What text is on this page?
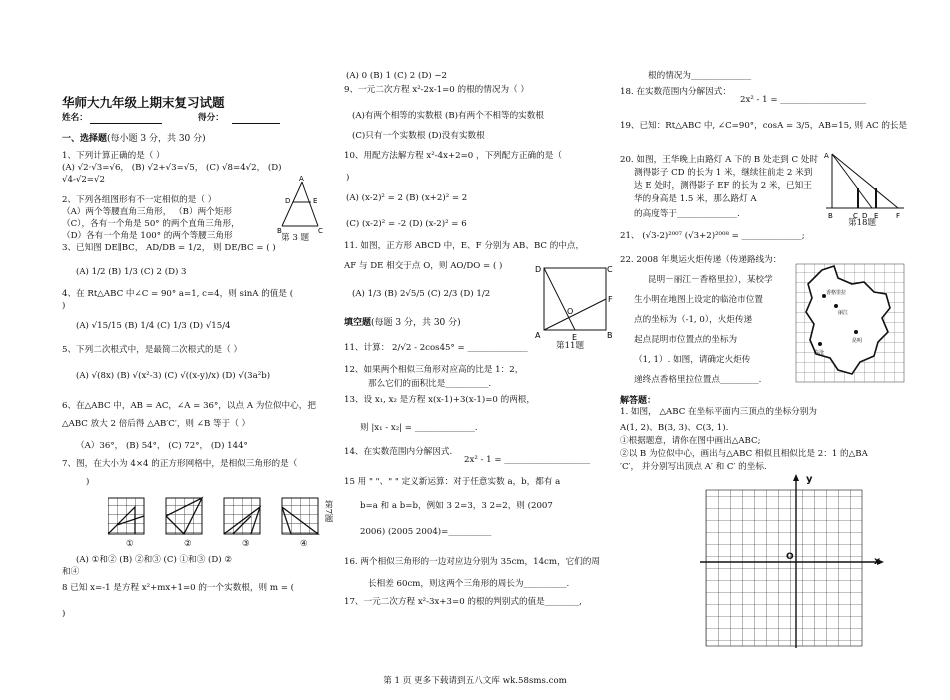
华师大九年级上期末复习试题
姓名：	得分：
一、选择题(每小题 3 分，共 30 分)
1、下列计算正确的是（ ）
(A) √2·√3=√6， (B) √2+√3=√5， (C) √8=4√2， (D)
√4-√2=√2
2、下列各组图形有不一定相似的是（ ）
（A）两个等腰直角三角形， （B）两个矩形
（C），各有一个角是 50° 的两个直角三角形，
（D）各有一个角是 100° 的两个等腰三角形
A
D	E
B	C
第 3 题
3、已知图 DE∥BC， AD/DB = 1/2， 则 DE/BC = ( )
(A) 1/2 (B) 1/3 (C) 2 (D) 3
4、在 Rt△ABC 中∠C = 90° a=1, c=4，则 sinA 的值是 (
)
(A) √15/15 (B) 1/4 (C) 1/3 (D) √15/4
5、下列二次根式中，是最简二次根式的是（ ）
(A) √(8x) (B) √(x²-3) (C) √((x-y)/x) (D) √(3a²b)
6、在△ABC 中，AB = AC，∠A = 36°，以点 A 为位似中心，把
△ABC 放大 2 倍后得 △AB′C′，则 ∠B 等于（ ）
（A）36°， (B) 54°， (C) 72°， (D) 144°
7、图，在大小为 4×4 的正方形网格中，是相似三角形的是（
)
①	②	③	④
第7题
(A) ①和② (B) ②和③ (C) ①和③ (D) ②
和④
8 已知 x=-1 是方程 x²+mx+1=0 的一个实数根，则 m = (
)
(A) 0 (B) 1 (C) 2 (D) −2
9、一元二次方程 x²-2x-1=0 的根的情况为（ ）
(A)有两个相等的实数根 (B)有两个不相等的实数根
(C)只有一个实数根 (D)没有实数根
10、用配方法解方程 x²-4x+2=0 ，下列配方正确的是（
)
(A) (x-2)² = 2 (B) (x+2)² = 2
(C) (x-2)² = -2 (D) (x-2)² = 6
11. 如图，正方形 ABCD 中，E、F 分别为 AB、BC 的中点，
AF 与 DE 相交于点 O，则 AO/DO = ( )
(A) 1/3 (B) 2√5/5 (C) 2/3 (D) 1/2
D	C
A	B
E
F
O
第11题
填空题(每题 3 分，共 30 分)
11、计算： 2/√2 - 2cos45° = ______________
12、如果两个相似三角形对应高的比是 1：2，
那么它们的面积比是__________.
13、设 x₁, x₂ 是方程 x(x-1)+3(x-1)=0 的两根，
则 |x₁ - x₂| = ______________.
14、在实数范围内分解因式.
2x² - 1 = ____________________
15 用 " "、" " 定义新运算：对于任意实数 a，b，都有 a
b=a 和 a b=b，例如 3 2=3，3 2=2，则 (2007
2006) (2005 2004)=__________
16. 两个相似三角形的一边对应边分别为 35cm，14cm，它们的周
长相差 60cm，则这两个三角形的周长为__________.
17、一元二次方程 x²-3x+3=0 的根的判别式的值是________,
根的情况为______________
18. 在实数范围内分解因式：
2x² - 1 = ____________________
19、已知：Rt△ABC 中, ∠C=90°，cosA = 3/5，AB=15, 则 AC 的长是
20. 如图，王华晚上由路灯 A 下的 B 处走到 C 处时
测得影子 CD 的长为 1 米，继续往前走 2 米到
达 E 处时，测得影子 EF 的长为 2 米，已知王
华的身高是 1.5 米，那么路灯 A
的高度等于______________.	B	C D E	F
A
第18题
21、 (√3-2)²⁰⁰⁷ (√3+2)²⁰⁰⁸ = ______________;
22. 2008 年奥运火炬传递（传递路线为：
昆明－丽江－香格里拉），某校学
生小明在地图上设定的临沧市位置
点的坐标为（-1, 0），火炬传递
起点昆明市位置点的坐标为
（1, 1）. 如图，请确定火炬传
递终点香格里拉位置点_________.
香格里拉
丽江
昆明
临沧
解答题：
1. 如图， △ABC 在坐标平面内三顶点的坐标分别为
A(1, 2)、B(3, 3)、C(3, 1).
①根据题意，请你在图中画出△ABC;
②以 B 为位似中心，画出与△ABC 相似且相似比是 2：1 的△BA
′C′， 并分别写出顶点 A′ 和 C′ 的坐标.
y
x
O
第 1 页 更多下载请到五八文库 wk.58sms.com
